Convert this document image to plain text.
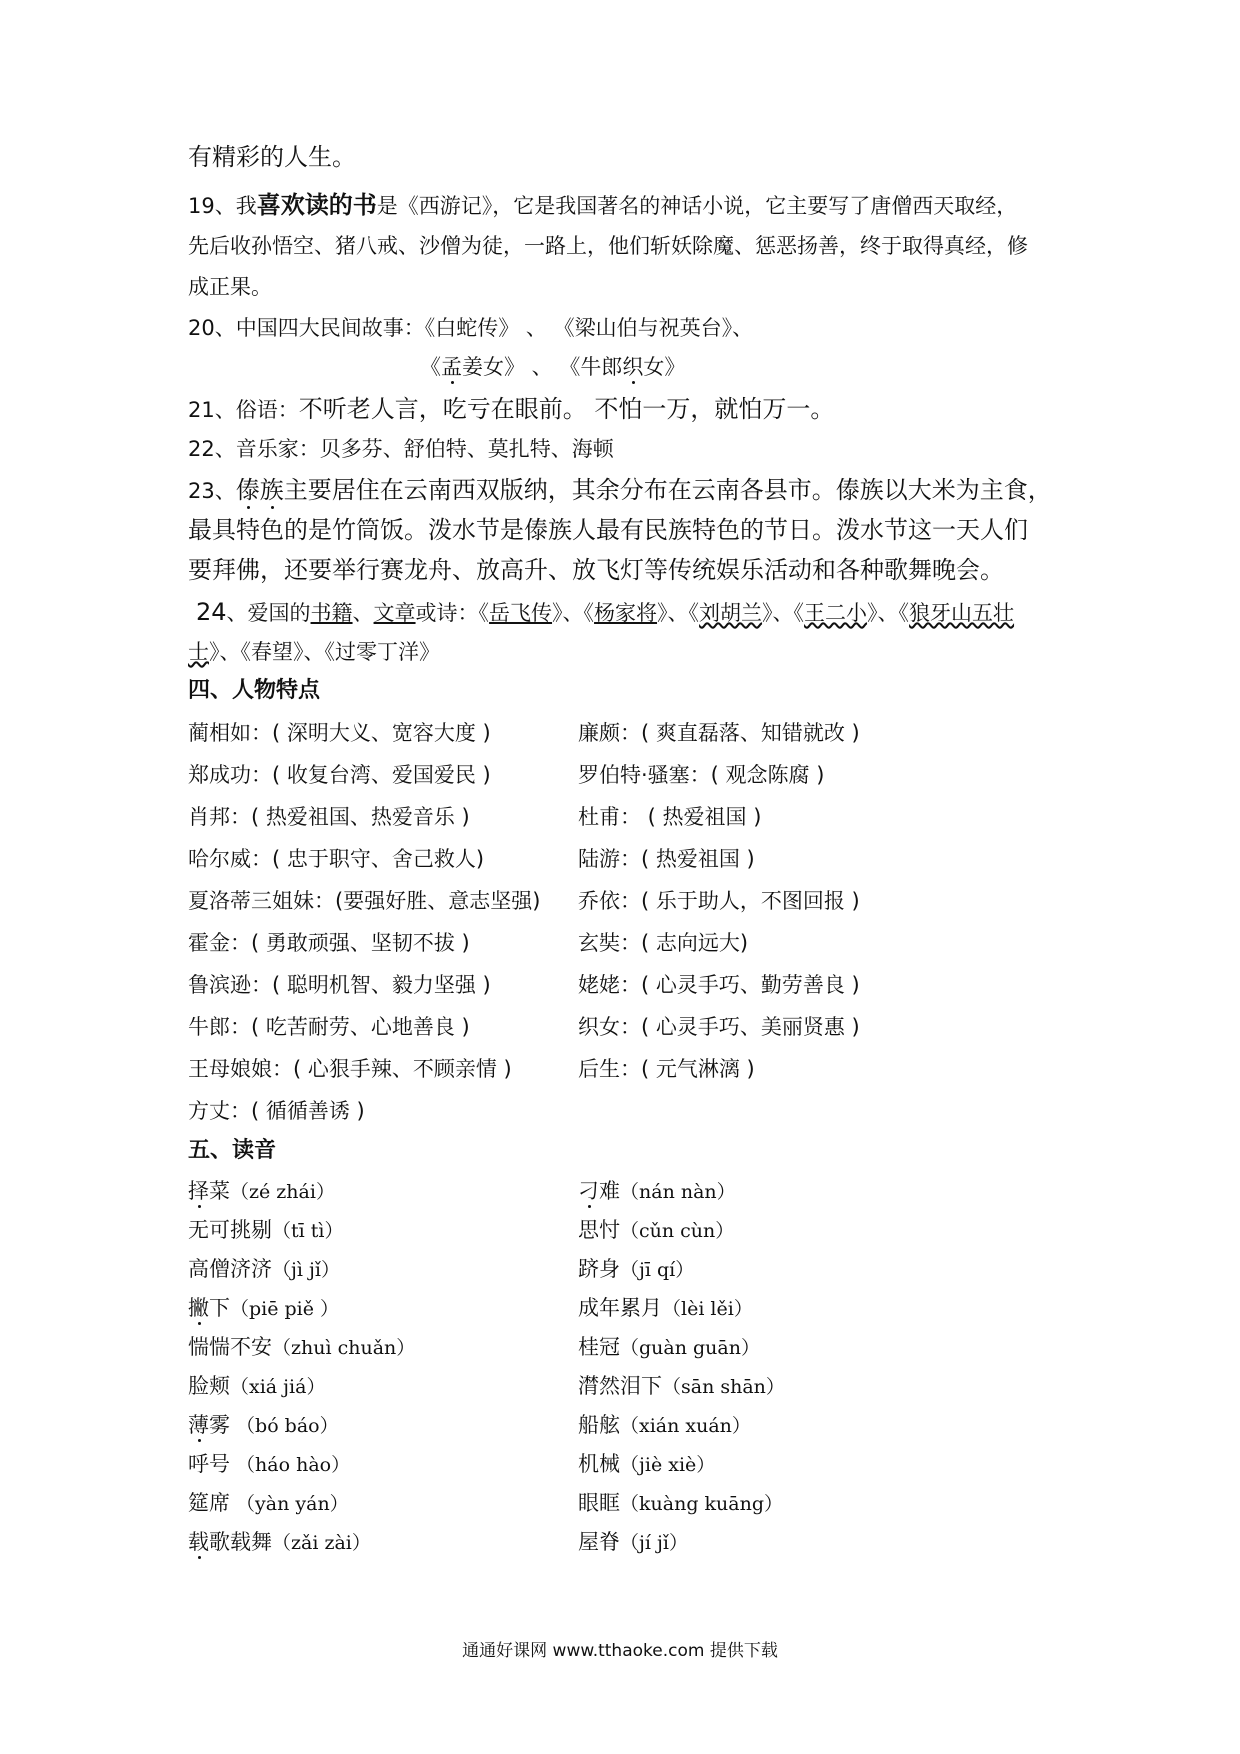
有精彩的人生。
19、我喜欢读的书是《西游记》，它是我国著名的神话小说，它主要写了唐僧西天取经，
先后收孙悟空、猪八戒、沙僧为徒，一路上，他们斩妖除魔、惩恶扬善，终于取得真经，修
成正果。
20、中国四大民间故事：《白蛇传》 、 《梁山伯与祝英台》、
《孟姜女》 、 《牛郎织女》
21、俗语：不听老人言，吃亏在眼前。 不怕一万，就怕万一。
22、音乐家：贝多芬、舒伯特、莫扎特、海顿
23、傣族主要居住在云南西双版纳，其余分布在云南各县市。傣族以大米为主食，
最具特色的是竹筒饭。泼水节是傣族人最有民族特色的节日。泼水节这一天人们
要拜佛，还要举行赛龙舟、放高升、放飞灯等传统娱乐活动和各种歌舞晚会。
24、爱国的书籍、文章或诗：《岳飞传》、《杨家将》、《刘胡兰》、《王二小》、《狼牙山五壮
士》、《春望》、《过零丁洋》
四、人物特点
蔺相如：( 深明大义、宽容大度 )	廉颇：( 爽直磊落、知错就改 )
郑成功：( 收复台湾、爱国爱民 )	罗伯特·骚塞：( 观念陈腐 )
肖邦：( 热爱祖国、热爱音乐 )	杜甫： ( 热爱祖国 )
哈尔威：( 忠于职守、舍己救人)	陆游：( 热爱祖国 )
夏洛蒂三姐妹：(要强好胜、意志坚强) 乔依：( 乐于助人，不图回报 )
霍金：( 勇敢顽强、坚韧不拔 )	玄奘：( 志向远大)
鲁滨逊：( 聪明机智、毅力坚强 )	姥姥：( 心灵手巧、勤劳善良 )
牛郎：( 吃苦耐劳、心地善良 )	织女：( 心灵手巧、美丽贤惠 )
王母娘娘：( 心狠手辣、不顾亲情 )	后生：( 元气淋漓 )
方丈：( 循循善诱 )
五、读音
择菜（zé zhái）	刁难（nán nàn）
无可挑剔（tī tì）	思忖（cǔn cùn）
高僧济济（jì jǐ）	跻身（jī qí）
撇下（piē piě ）	成年累月（lèi lěi）
惴惴不安（zhuì chuǎn）	桂冠（guàn guān）
脸颊（xiá jiá）	潸然泪下（sān shān）
薄雾 （bó báo）	船舷（xián xuán）
呼号 （háo hào）	机械（jiè xiè）
筵席 （yàn yán）	眼眶（kuàng kuāng）
载歌载舞（zǎi zài）	屋脊（jí jǐ）
通通好课网 www.tthaoke.com 提供下载
